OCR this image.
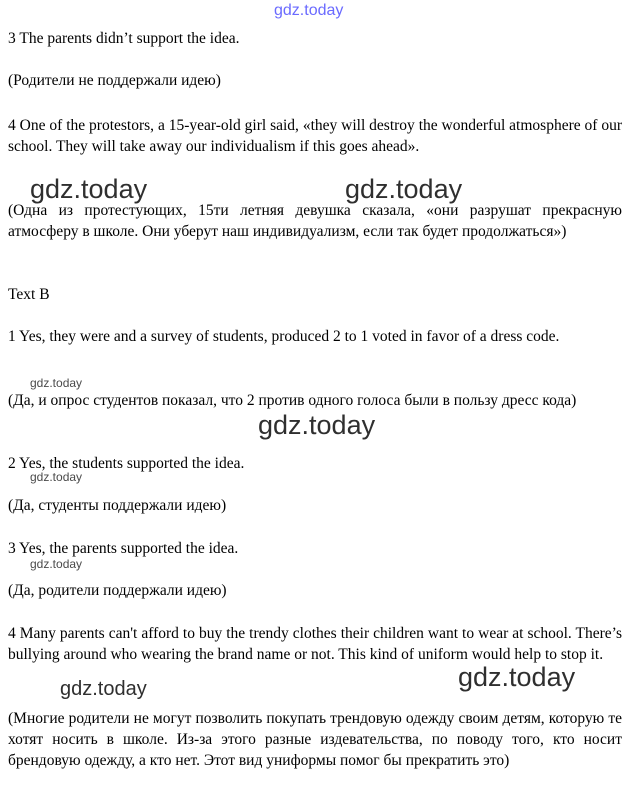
gdz.today

3 The parents didn’t support the idea.

(Родители не поддержали идею)

4 One of the protestors, a 15-year-old girl said, «they will destroy the wonderful atmosphere of our school. They will take away our individualism if this goes ahead».

(Одна из протестующих, 15ти летняя девушка сказала, «они разрушат прекрасную атмосферу в школе. Они уберут наш индивидуализм, если так будет продолжаться»)

Text B

1 Yes, they were and a survey of students, produced 2 to 1 voted in favor of a dress code.

(Да, и опрос студентов показал, что 2 против одного голоса были в пользу дресс кода)

2 Yes, the students supported the idea.

(Да, студенты поддержали идею)

3 Yes, the parents supported the idea.

(Да, родители поддержали идею)

4 Many parents can't afford to buy the trendy clothes their children want to wear at school. There’s bullying around who wearing the brand name or not. This kind of uniform would help to stop it.

(Многие родители не могут позволить покупать трендовую одежду своим детям, которую те хотят носить в школе. Из-за этого разные издевательства, по поводу того, кто носит брендовую одежду, а кто нет. Этот вид униформы помог бы прекратить это)

gdz.today	gdz.today
gdz.today
gdz.today
gdz.today
gdz.today
gdz.today
gdz.today
